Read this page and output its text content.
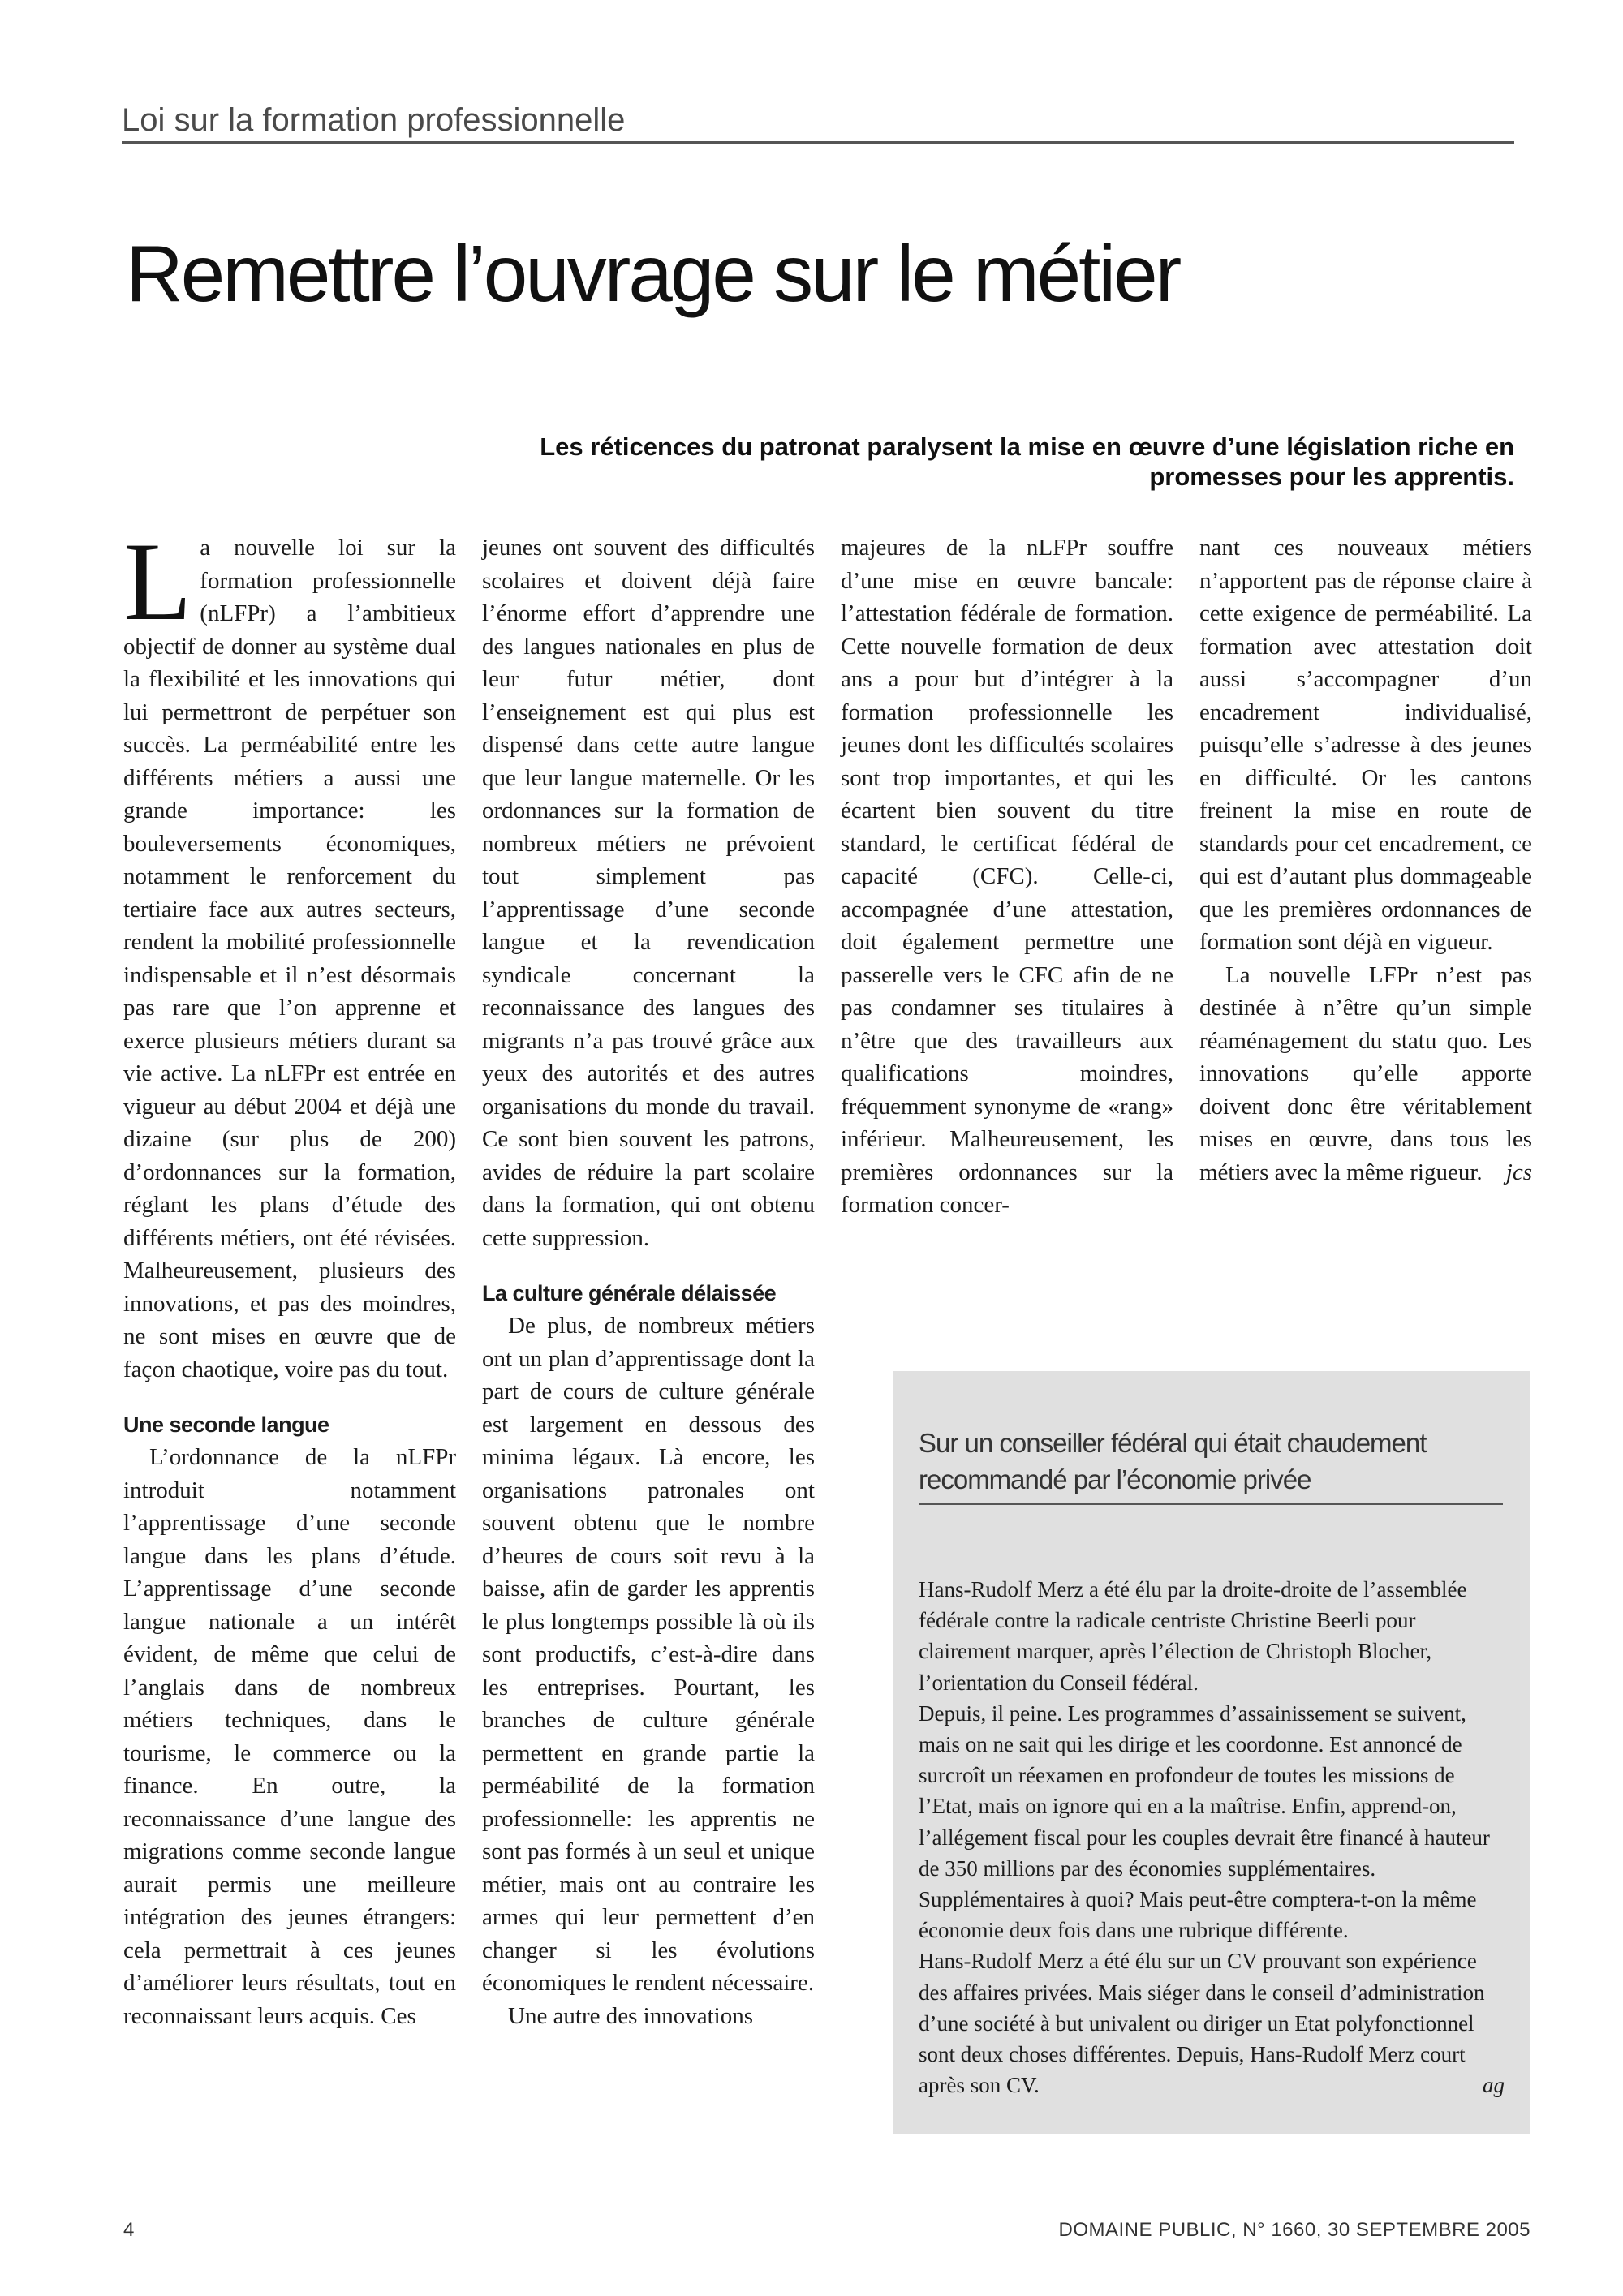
Loi sur la formation professionnelle
Remettre l’ouvrage sur le métier
Les réticences du patronat paralysent la mise en œuvre d’une législation riche en promesses pour les apprentis.

La nouvelle loi sur la formation professionnelle (nLFPr) a l’ambitieux objectif de donner au système dual la flexibilité et les innovations qui lui permettront de perpétuer son succès. La perméabilité entre les différents métiers a aussi une grande importance: les bouleversements économiques, notamment le renforcement du tertiaire face aux autres secteurs, rendent la mobilité professionnelle indispensable et il n’est désormais pas rare que l’on apprenne et exerce plusieurs métiers durant sa vie active. La nLFPr est entrée en vigueur au début 2004 et déjà une dizaine (sur plus de 200) d’ordonnances sur la formation, réglant les plans d’étude des différents métiers, ont été révisées. Malheureusement, plusieurs des innovations, et pas des moindres, ne sont mises en œuvre que de façon chaotique, voire pas du tout.

Une seconde langue

L’ordonnance de la nLFPr introduit notamment l’apprentissage d’une seconde langue dans les plans d’étude. L’apprentissage d’une seconde langue nationale a un intérêt évident, de même que celui de l’anglais dans de nombreux métiers techniques, dans le tourisme, le commerce ou la finance. En outre, la reconnaissance d’une langue des migrations comme seconde langue aurait permis une meilleure intégration des jeunes étrangers: cela permettrait à ces jeunes d’améliorer leurs résultats, tout en reconnaissant leurs acquis. Ces

jeunes ont souvent des difficultés scolaires et doivent déjà faire l’énorme effort d’apprendre une des langues nationales en plus de leur futur métier, dont l’enseignement est qui plus est dispensé dans cette autre langue que leur langue maternelle. Or les ordonnances sur la formation de nombreux métiers ne prévoient tout simplement pas l’apprentissage d’une seconde langue et la revendication syndicale concernant la reconnaissance des langues des migrants n’a pas trouvé grâce aux yeux des autorités et des autres organisations du monde du travail. Ce sont bien souvent les patrons, avides de réduire la part scolaire dans la formation, qui ont obtenu cette suppression.

La culture générale délaissée

De plus, de nombreux métiers ont un plan d’apprentissage dont la part de cours de culture générale est largement en dessous des minima légaux. Là encore, les organisations patronales ont souvent obtenu que le nombre d’heures de cours soit revu à la baisse, afin de garder les apprentis le plus longtemps possible là où ils sont productifs, c’est-à-dire dans les entreprises. Pourtant, les branches de culture générale permettent en grande partie la perméabilité de la formation professionnelle: les apprentis ne sont pas formés à un seul et unique métier, mais ont au contraire les armes qui leur permettent d’en changer si les évolutions économiques le rendent nécessaire.

Une autre des innovations

majeures de la nLFPr souffre d’une mise en œuvre bancale: l’attestation fédérale de formation. Cette nouvelle formation de deux ans a pour but d’intégrer à la formation professionnelle les jeunes dont les difficultés scolaires sont trop importantes, et qui les écartent bien souvent du titre standard, le certificat fédéral de capacité (CFC). Celle-ci, accompagnée d’une attestation, doit également permettre une passerelle vers le CFC afin de ne pas condamner ses titulaires à n’être que des travailleurs aux qualifications moindres, fréquemment synonyme de «rang» inférieur. Malheureusement, les premières ordonnances sur la formation concer-

nant ces nouveaux métiers n’apportent pas de réponse claire à cette exigence de perméabilité. La formation avec attestation doit aussi s’accompagner d’un encadrement individualisé, puisqu’elle s’adresse à des jeunes en difficulté. Or les cantons freinent la mise en route de standards pour cet encadrement, ce qui est d’autant plus dommageable que les premières ordonnances de formation sont déjà en vigueur.

La nouvelle LFPr n’est pas destinée à n’être qu’un simple réaménagement du statu quo. Les innovations qu’elle apporte doivent donc être véritablement mises en œuvre, dans tous les métiers avec la même rigueur.	jcs
Sur un conseiller fédéral qui était chaudement recommandé par l’économie privée

Hans-Rudolf Merz a été élu par la droite-droite de l’assemblée fédérale contre la radicale centriste Christine Beerli pour clairement marquer, après l’élection de Christoph Blocher, l’orientation du Conseil fédéral.

Depuis, il peine. Les programmes d’assainissement se suivent, mais on ne sait qui les dirige et les coordonne. Est annoncé de surcroît un réexamen en profondeur de toutes les missions de l’Etat, mais on ignore qui en a la maîtrise. Enfin, apprend-on, l’allégement fiscal pour les couples devrait être financé à hauteur de 350 millions par des économies supplémentaires. Supplémentaires à quoi? Mais peut-être comptera-t-on la même économie deux fois dans une rubrique différente.

Hans-Rudolf Merz a été élu sur un CV prouvant son expérience des affaires privées. Mais siéger dans le conseil d’administration d’une société à but univalent ou diriger un Etat polyfonctionnel sont deux choses différentes. Depuis, Hans-Rudolf Merz court après son CV.	ag
4	DOMAINE PUBLIC, N° 1660, 30 SEPTEMBRE 2005
